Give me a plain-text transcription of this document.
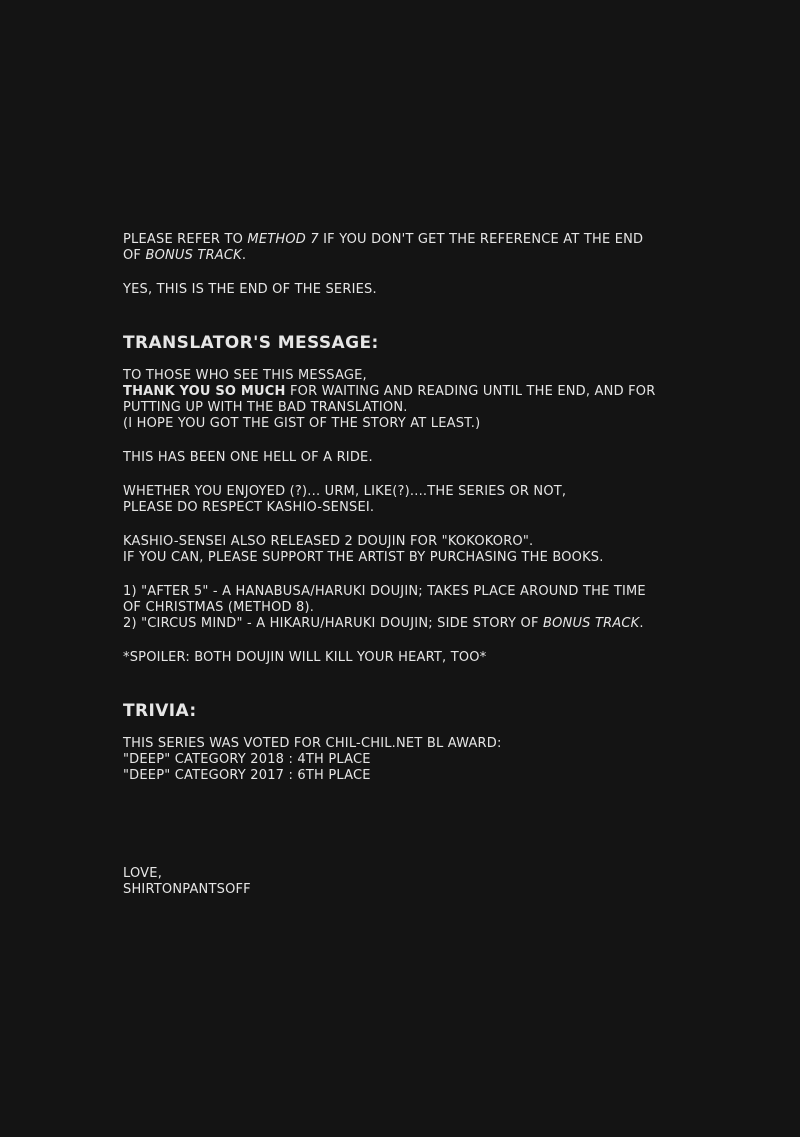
PLEASE REFER TO METHOD 7 IF YOU DON'T GET THE REFERENCE AT THE END

OF BONUS TRACK.

YES, THIS IS THE END OF THE SERIES.

TRANSLATOR'S MESSAGE:

TO THOSE WHO SEE THIS MESSAGE,

THANK YOU SO MUCH FOR WAITING AND READING UNTIL THE END, AND FOR

PUTTING UP WITH THE BAD TRANSLATION.

(I HOPE YOU GOT THE GIST OF THE STORY AT LEAST.)

THIS HAS BEEN ONE HELL OF A RIDE.

WHETHER YOU ENJOYED (?)... URM, LIKE(?)....THE SERIES OR NOT,

PLEASE DO RESPECT KASHIO-SENSEI.

KASHIO-SENSEI ALSO RELEASED 2 DOUJIN FOR "KOKOKORO".

IF YOU CAN, PLEASE SUPPORT THE ARTIST BY PURCHASING THE BOOKS.

1) "AFTER 5" - A HANABUSA/HARUKI DOUJIN; TAKES PLACE AROUND THE TIME

OF CHRISTMAS (METHOD 8).

2) "CIRCUS MIND" - A HIKARU/HARUKI DOUJIN; SIDE STORY OF BONUS TRACK.

*SPOILER: BOTH DOUJIN WILL KILL YOUR HEART, TOO*

TRIVIA:

THIS SERIES WAS VOTED FOR CHIL-CHIL.NET BL AWARD:

"DEEP" CATEGORY 2018 : 4TH PLACE

"DEEP" CATEGORY 2017 : 6TH PLACE

LOVE,

SHIRTONPANTSOFF
